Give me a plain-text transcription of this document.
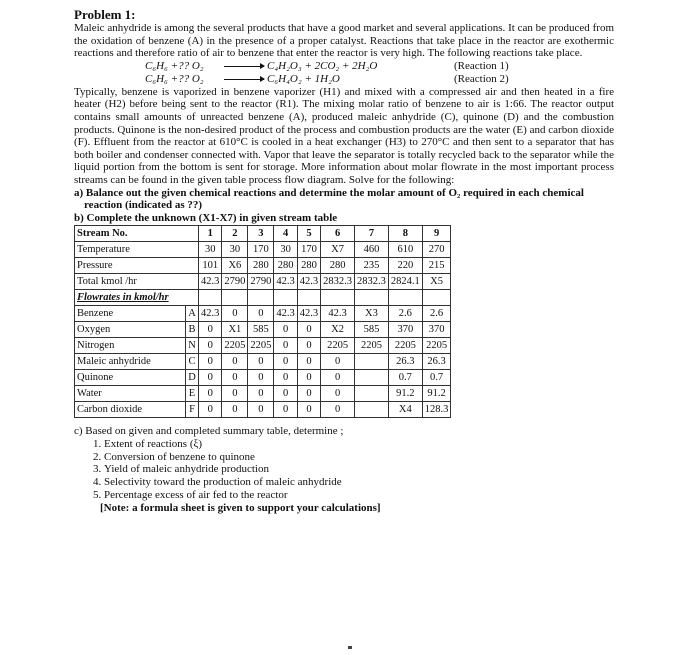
Problem 1:
Maleic anhydride is among the several products that have a good market and several applications. It can be produced from the oxidation of benzene (A) in the presence of a proper catalyst. Reactions that take place in the reactor are exothermic reactions and therefore ratio of air to benzene that enter the reactor is very high. The following reactions take place.
C₆H₆ +?? O₂ → C₄H₂O₃ + 2CO₂ + 2H₂O	(Reaction 1)
C₆H₆ +?? O₂ → C₆H₄O₂ + 1H₂O	(Reaction 2)
Typically, benzene is vaporized in benzene vaporizer (H1) and mixed with a compressed air and then heated in a fire heater (H2) before being sent to the reactor (R1). The mixing molar ratio of benzene to air is 1:66. The reactor output contains small amounts of unreacted benzene (A), produced maleic anhydride (C), quinone (D) and the combustion products. Quinone is the non-desired product of the process and combustion products are the water (E) and carbon dioxide (F). Effluent from the reactor at 610°C is cooled in a heat exchanger (H3) to 270°C and then sent to a separator that has both boiler and condenser connected with. Vapor that leave the separator is totally recycled back to the separator while the liquid portion from the bottom is sent for storage. More information about molar flowrate in the most important process streams can be found in the given table process flow diagram. Solve for the following:
a) Balance out the given chemical reactions and determine the molar amount of O₂ required in each chemical reaction (indicated as ??)
b) Complete the unknown (X1-X7) in given stream table
Stream No.		1	2	3	4	5	6	7	8	9
Temperature		30	30	170	30	170	X7	460	610	270
Pressure		101	X6	280	280	280	280	235	220	215
Total kmol /hr		42.3	2790	2790	42.3	42.3	2832.3	2832.3	2824.1	X5
Flowrates in kmol/hr										
Benzene	A	42.3	0	0	42.3	42.3	42.3	X3	2.6	2.6
Oxygen	B	0	X1	585	0	0	X2	585	370	370
Nitrogen	N	0	2205	2205	0	0	2205	2205	2205	2205
Maleic anhydride	C	0	0	0	0	0	0		26.3	26.3
Quinone	D	0	0	0	0	0	0		0.7	0.7
Water	E	0	0	0	0	0	0		91.2	91.2
Carbon dioxide	F	0	0	0	0	0	0		X4	128.3
c) Based on given and completed summary table, determine ;
1. Extent of reactions (ξ)
2. Conversion of benzene to quinone
3. Yield of maleic anhydride production
4. Selectivity toward the production of maleic anhydride
5. Percentage excess of air fed to the reactor
[Note: a formula sheet is given to support your calculations]
